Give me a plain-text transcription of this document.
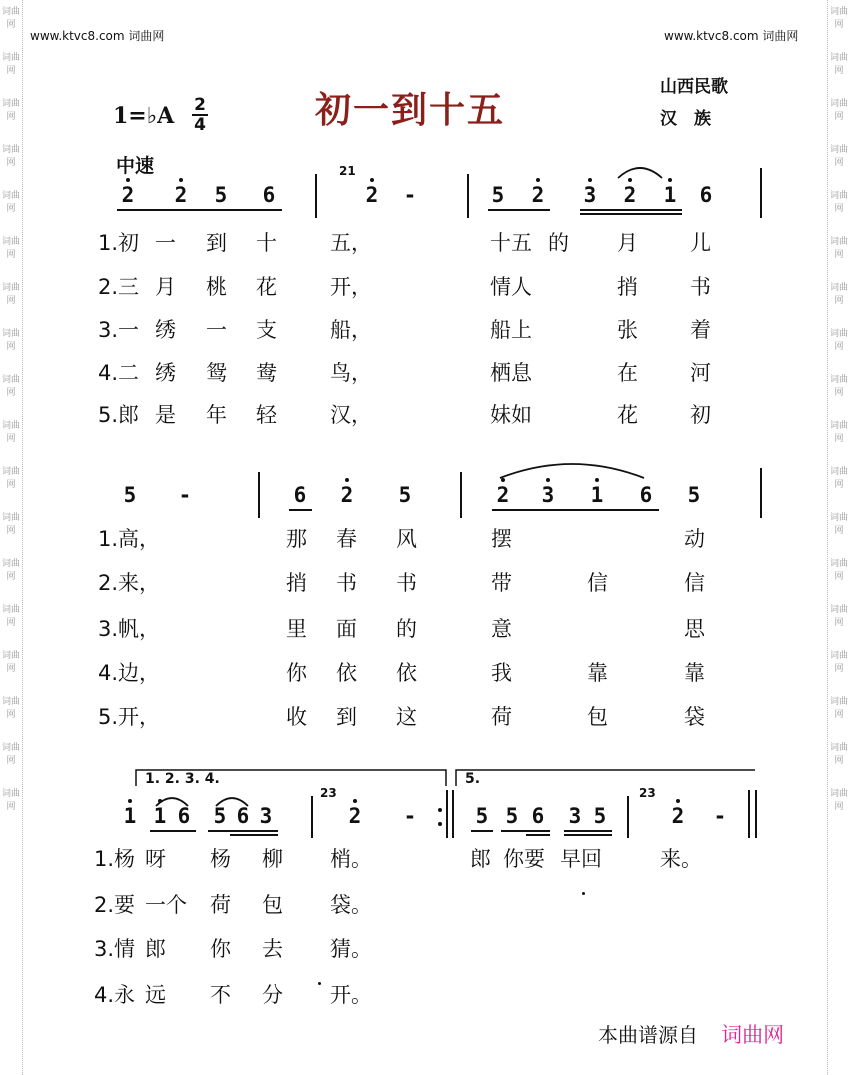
词曲网
词曲网
词曲网
词曲网
词曲网
词曲网
词曲网
词曲网
词曲网
词曲网
词曲网
词曲网
词曲网
词曲网
词曲网
词曲网
词曲网
词曲网
词曲网
词曲网
词曲网
词曲网
词曲网
词曲网
词曲网
词曲网
词曲网
词曲网
词曲网
词曲网
词曲网
词曲网
词曲网
词曲网
词曲网
词曲网
www.ktvc8.com 词曲网	www.ktvc8.com 词曲网
1=♭A 2
4	初一到十五
山西民歌
汉　族
中速
2 2 5 6	2 -
21
5 2 3 2 1 6
1.初 一 到 十	五，	十五 的 月 儿
2.三 月 桃 花	开，	情人	捎 书
3.一 绣 一 支	船，	船上	张 着
4.二 绣 鸳 鸯	鸟，	栖息	在 河
5.郎 是 年 轻	汉，	妹如	花 初
5 -	6 2 5	2 3 1 6 5
1.高，	那 春 风	摆	动
2.来，	捎 书 书	带	信	信
3.帆，	里 面 的	意	思
4.边，	你 依 依	我	靠	靠
5.开，	收 到 这	荷	包	袋
1. 2. 3. 4.	5.
1 1 6 5 6 3	2 -
23
5 5 6 3 5	2 -
23
1.杨 呀 杨 柳 梢。	郎 你要 早回	来。
2.要 一个 荷 包 袋。
3.情 郎 你 去 猜。
4.永 远 不 分 开。
本曲谱源自 词曲网
